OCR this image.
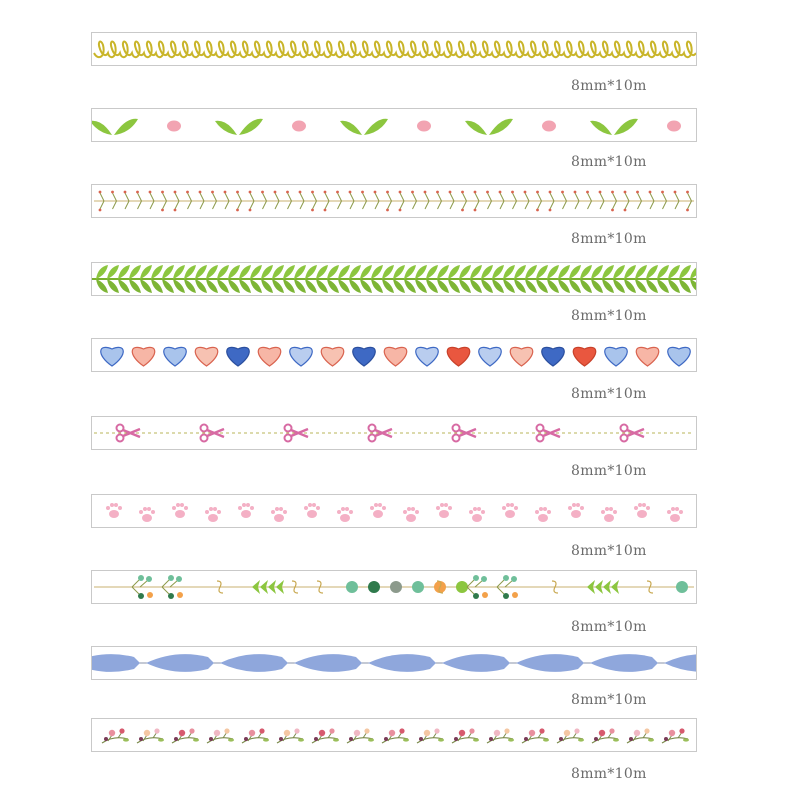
8mm*10m
8mm*10m
8mm*10m
8mm*10m
8mm*10m
8mm*10m
8mm*10m
8mm*10m
8mm*10m
8mm*10m
